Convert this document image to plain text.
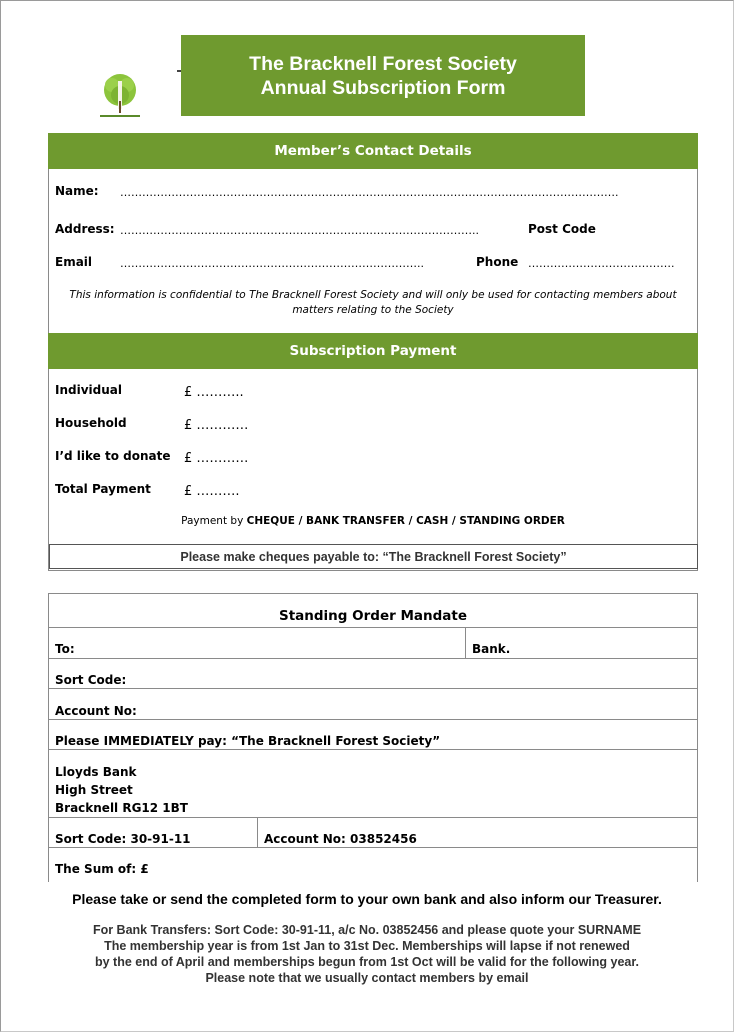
The Bracknell Forest Society
Annual Subscription Form
Member’s Contact Details
Subscription Payment
Name: ……………………………………………………………………………………………………………………….
Address: ……………………………………………………………………………………..	Post Code
Email	………………………………………………………………………..	Phone ………………………………….
This information is confidential to The Bracknell Forest Society and will only be used for contacting members about matters relating to the Society
Individual	£ ………..
Household	£ …………
I’d like to donate £ …………
Total Payment	£ ……….
Payment by CHEQUE / BANK TRANSFER / CASH / STANDING ORDER
Please make cheques payable to: “The Bracknell Forest Society”
Standing Order Mandate
To:	Bank.
Sort Code:
Account No:
Please IMMEDIATELY pay: “The Bracknell Forest Society”
Lloyds Bank
High Street
Bracknell RG12 1BT
Sort Code: 30-91-11	Account No: 03852456
The Sum of: £
Please take or send the completed form to your own bank and also inform our Treasurer.
For Bank Transfers: Sort Code: 30-91-11, a/c No. 03852456 and please quote your SURNAME
The membership year is from 1st Jan to 31st Dec. Memberships will lapse if not renewed
by the end of April and memberships begun from 1st Oct will be valid for the following year.
Please note that we usually contact members by email
